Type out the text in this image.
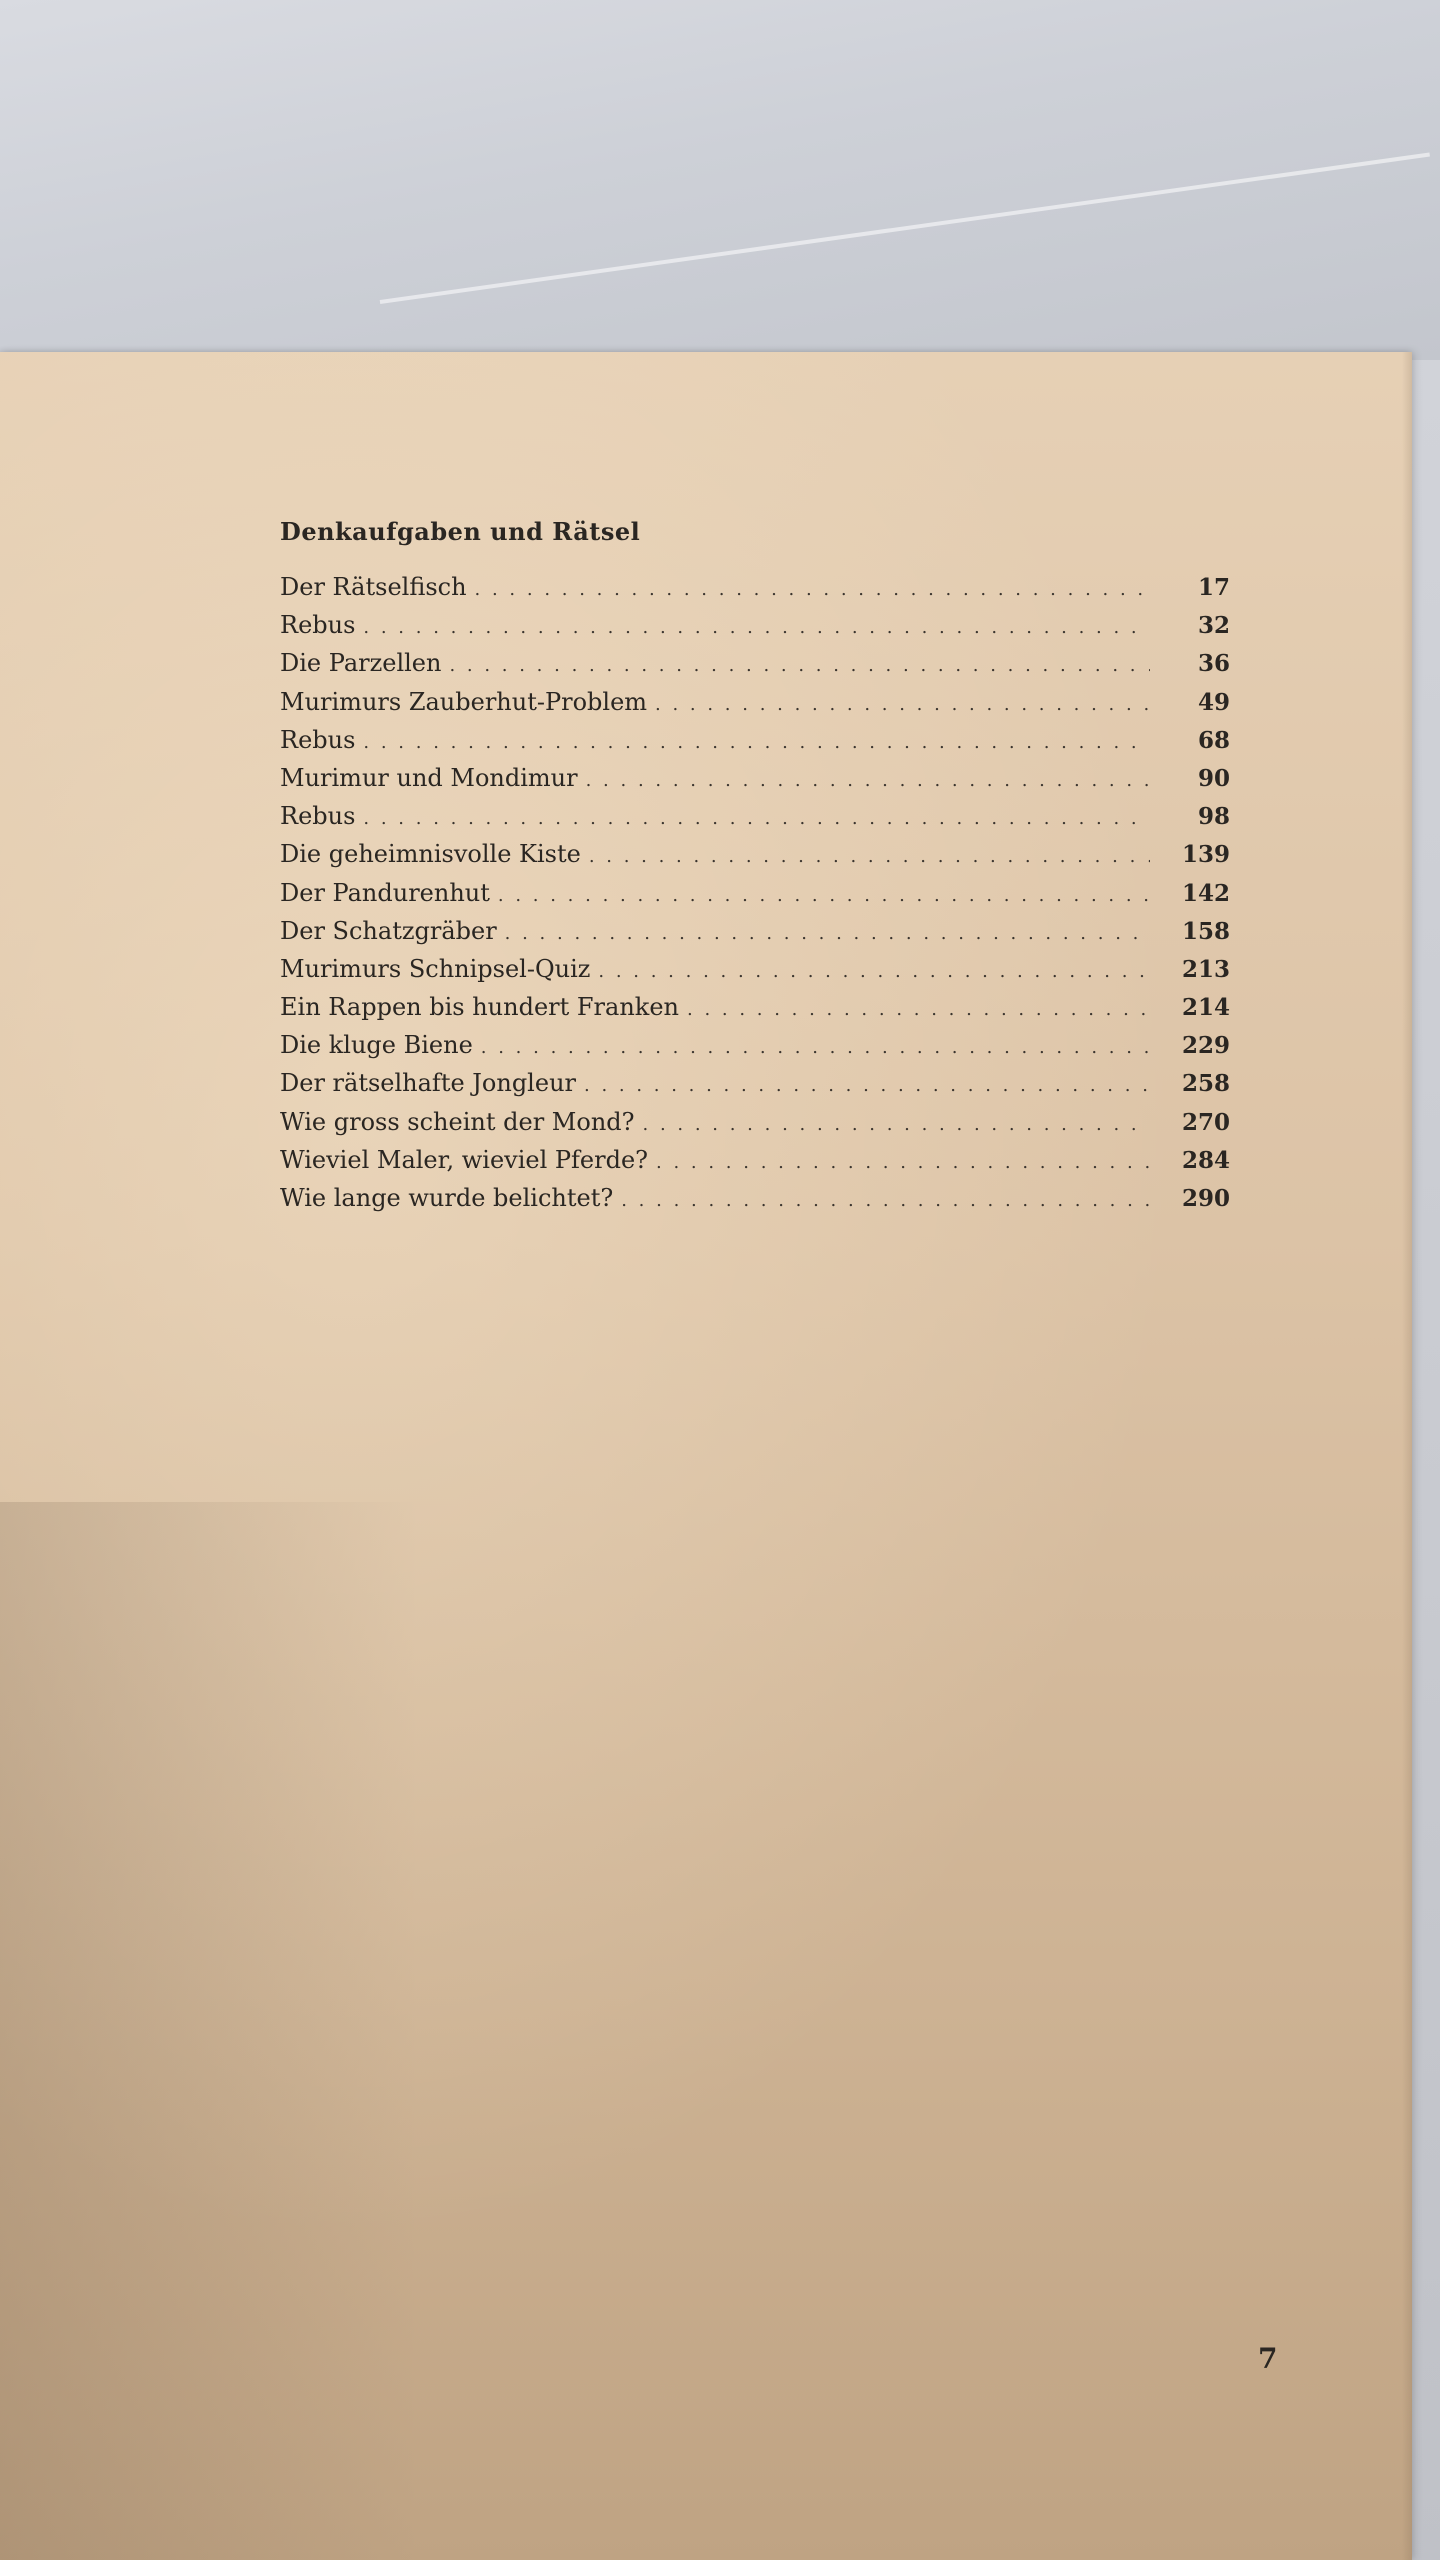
Denkaufgaben und Rätsel
Der Rätselfisch . . .	17
Rebus . . .	32
Die Parzellen . . .	36
Murimurs Zauberhut-Problem . . .	49
Rebus . . .	68
Murimur und Mondimur . . .	90
Rebus . . .	98
Die geheimnisvolle Kiste . . .	139
Der Pandurenhut . . .	142
Der Schatzgräber . . .	158
Murimurs Schnipsel-Quiz . . .	213
Ein Rappen bis hundert Franken . . .	214
Die kluge Biene . . .	229
Der rätselhafte Jongleur . . .	258
Wie gross scheint der Mond? . . .	270
Wieviel Maler, wieviel Pferde? . . .	284
Wie lange wurde belichtet? . . .	290
7
